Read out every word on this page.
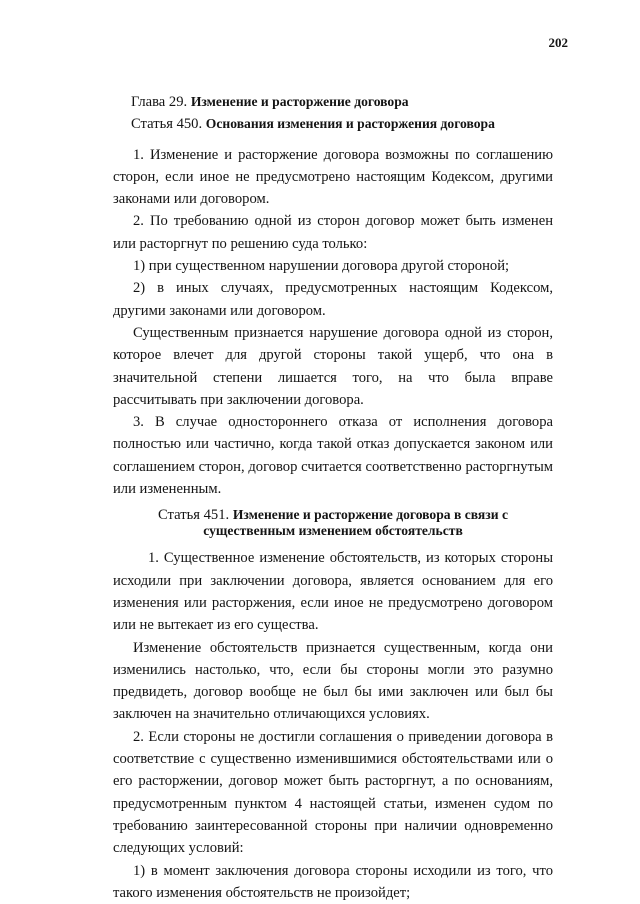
202
Глава 29. Изменение и расторжение договора
Статья 450. Основания изменения и расторжения договора

1. Изменение и расторжение договора возможны по соглашению сторон, если иное не предусмотрено настоящим Кодексом, другими законами или договором.

2. По требованию одной из сторон договор может быть изменен или расторгнут по решению суда только:

1) при существенном нарушении договора другой стороной;

2) в иных случаях, предусмотренных настоящим Кодексом, другими законами или договором.

Существенным признается нарушение договора одной из сторон, которое влечет для другой стороны такой ущерб, что она в значительной степени лишается того, на что была вправе рассчитывать при заключении договора.

3. В случае одностороннего отказа от исполнения договора полностью или частично, когда такой отказ допускается законом или соглашением сторон, договор считается соответственно расторгнутым или измененным.

Статья 451. Изменение и расторжение договора в связи с
существенным изменением обстоятельств

1. Существенное изменение обстоятельств, из которых стороны исходили при заключении договора, является основанием для его изменения или расторжения, если иное не предусмотрено договором или не вытекает из его существа.

Изменение обстоятельств признается существенным, когда они изменились настолько, что, если бы стороны могли это разумно предвидеть, договор вообще не был бы ими заключен или был бы заключен на значительно отличающихся условиях.

2. Если стороны не достигли соглашения о приведении договора в соответствие с существенно изменившимися обстоятельствами или о его расторжении, договор может быть расторгнут, а по основаниям, предусмотренным пунктом 4 настоящей статьи, изменен судом по требованию заинтересованной стороны при наличии одновременно следующих условий:

1) в момент заключения договора стороны исходили из того, что такого изменения обстоятельств не произойдет;
